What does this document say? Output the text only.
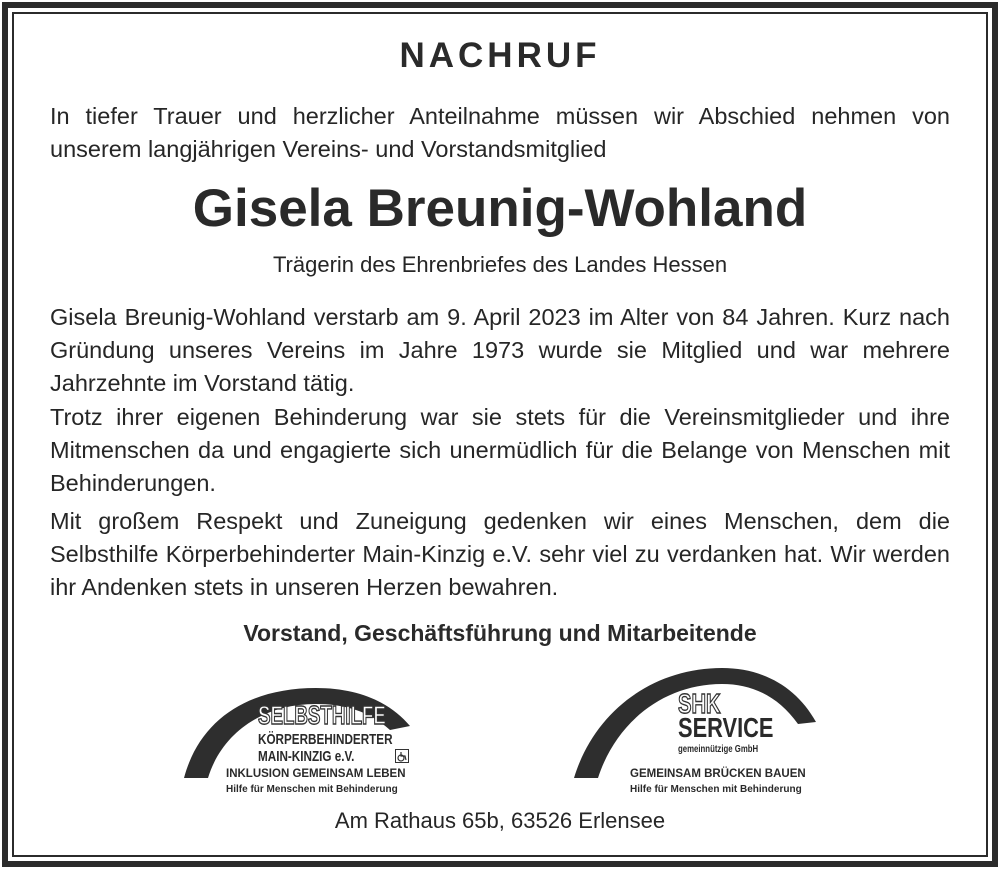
NACHRUF
In tiefer Trauer und herzlicher Anteilnahme müssen wir Abschied nehmen von unserem langjährigen Vereins- und Vorstandsmitglied
Gisela Breunig-Wohland
Trägerin des Ehrenbriefes des Landes Hessen
Gisela Breunig-Wohland verstarb am 9. April 2023 im Alter von 84 Jahren. Kurz nach Gründung unseres Vereins im Jahre 1973 wurde sie Mitglied und war mehrere Jahrzehnte im Vorstand tätig.
Trotz ihrer eigenen Behinderung war sie stets für die Vereinsmitglieder und ihre Mitmenschen da und engagierte sich unermüdlich für die Belange von Menschen mit Behinderungen.
Mit großem Respekt und Zuneigung gedenken wir eines Menschen, dem die Selbsthilfe Körperbehinderter Main-Kinzig e.V. sehr viel zu verdanken hat. Wir werden ihr Andenken stets in unseren Herzen bewahren.
Vorstand, Geschäftsführung und Mitarbeitende
SELBSTHILFE
KÖRPERBEHINDERTER
MAIN-KINZIG e.V.
INKLUSION GEMEINSAM LEBEN
Hilfe für Menschen mit Behinderung
SHK
SERVICE
gemeinnützige GmbH
GEMEINSAM BRÜCKEN BAUEN
Hilfe für Menschen mit Behinderung
Am Rathaus 65b, 63526 Erlensee
